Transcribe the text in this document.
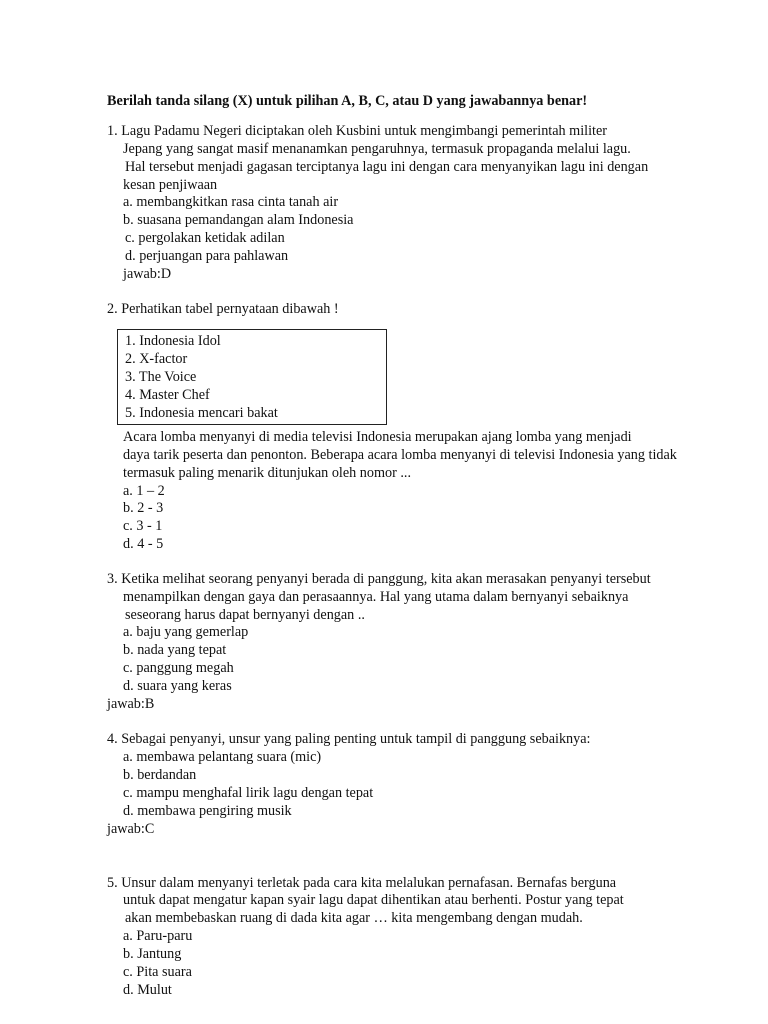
Berilah tanda silang (X) untuk pilihan A, B, C, atau D yang jawabannya benar!
1. Lagu Padamu Negeri diciptakan oleh Kusbini untuk mengimbangi pemerintah militer
Jepang yang sangat masif menanamkan pengaruhnya, termasuk propaganda melalui lagu.
Hal tersebut menjadi gagasan terciptanya lagu ini dengan cara menyanyikan lagu ini dengan
kesan penjiwaan
a. membangkitkan rasa cinta tanah air
b. suasana pemandangan alam Indonesia
c. pergolakan ketidak adilan
d. perjuangan para pahlawan
jawab:D
2. Perhatikan tabel pernyataan dibawah !
1. Indonesia Idol
2. X-factor
3. The Voice
4. Master Chef
5. Indonesia mencari bakat
Acara lomba menyanyi di media televisi Indonesia merupakan ajang lomba yang menjadi
daya tarik peserta dan penonton. Beberapa acara lomba menyanyi di televisi Indonesia yang tidak
termasuk paling menarik ditunjukan oleh nomor ...
a. 1 – 2
b. 2 - 3
c. 3 - 1
d. 4 - 5
3. Ketika melihat seorang penyanyi berada di panggung, kita akan merasakan penyanyi tersebut
menampilkan dengan gaya dan perasaannya. Hal yang utama dalam bernyanyi sebaiknya
seseorang harus dapat bernyanyi dengan ..
a. baju yang gemerlap
b. nada yang tepat
c. panggung megah
d. suara yang keras
jawab:B
4. Sebagai penyanyi, unsur yang paling penting untuk tampil di panggung sebaiknya:
a. membawa pelantang suara (mic)
b. berdandan
c. mampu menghafal lirik lagu dengan tepat
d. membawa pengiring musik
jawab:C
5. Unsur dalam menyanyi terletak pada cara kita melalukan pernafasan. Bernafas berguna
untuk dapat mengatur kapan syair lagu dapat dihentikan atau berhenti. Postur yang tepat
akan membebaskan ruang di dada kita agar … kita mengembang dengan mudah.
a. Paru-paru
b. Jantung
c. Pita suara
d. Mulut
